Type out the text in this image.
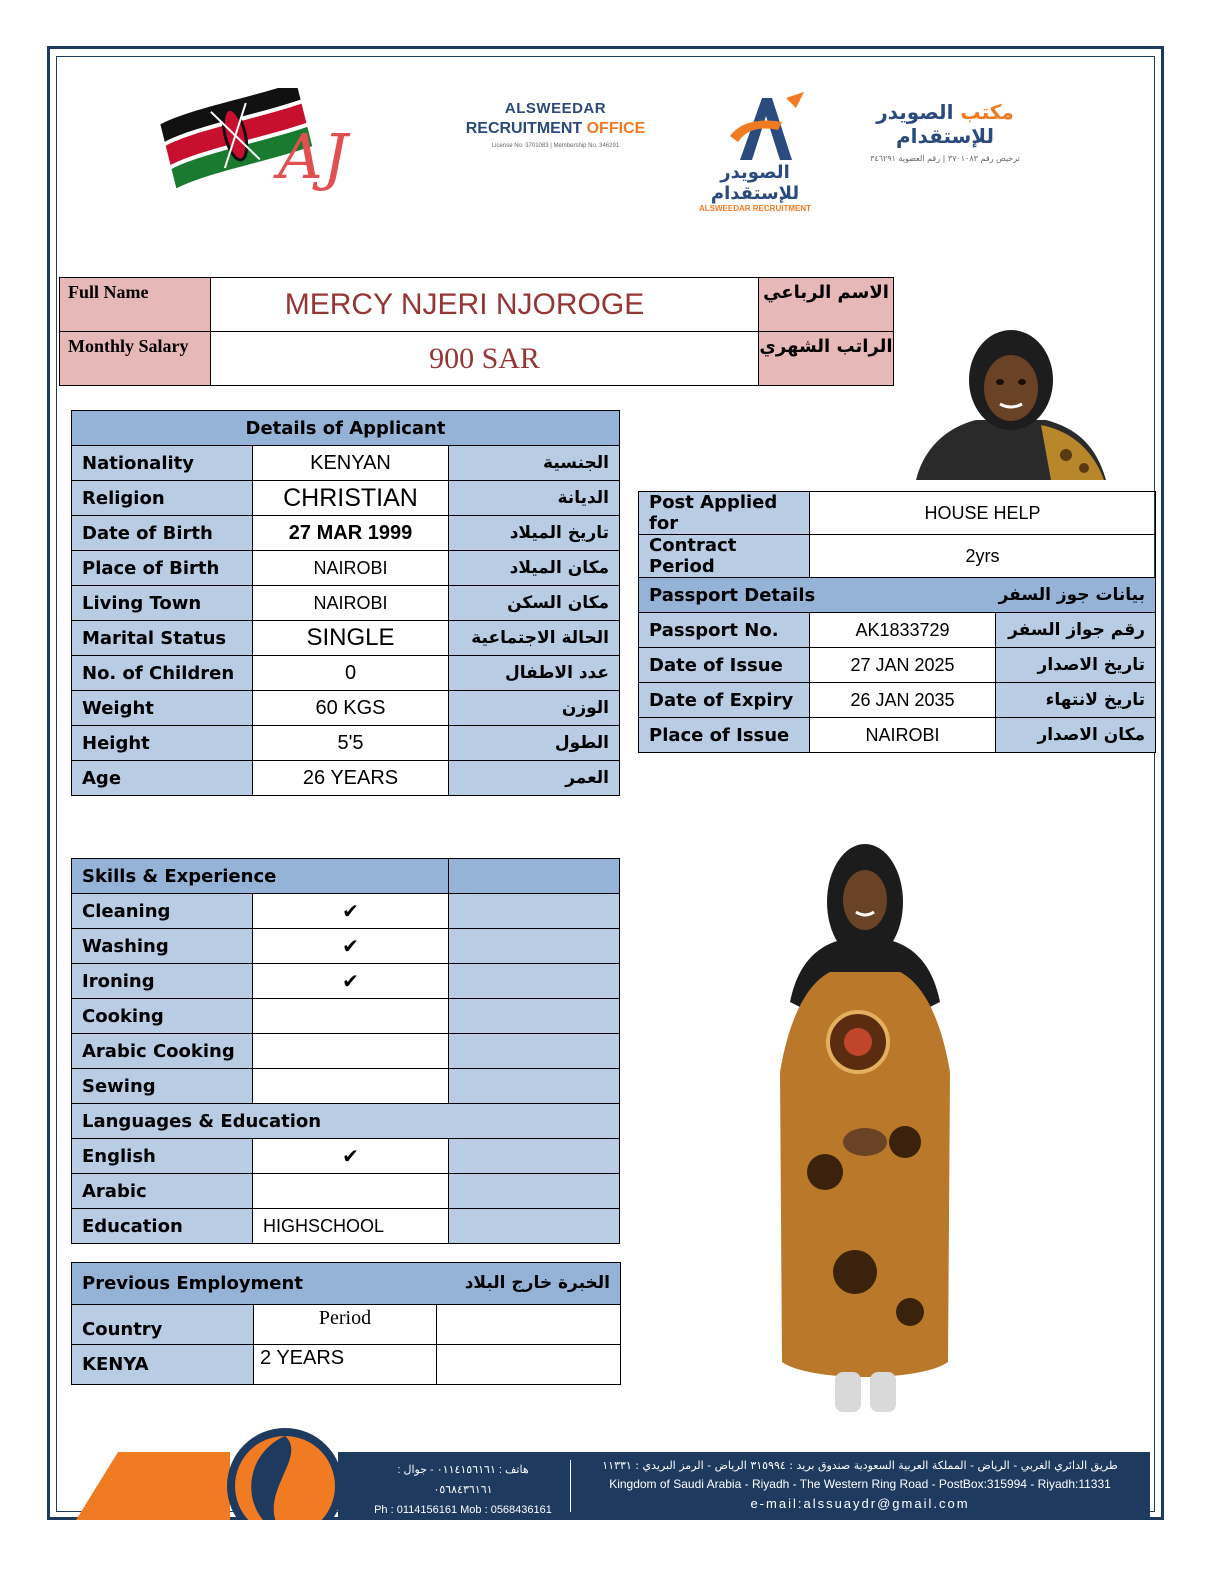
AJ
ALSWEEDAR
RECRUITMENT OFFICE
License No. 3701083 | Membership No. 346291
الصويدر للإستقدام
ALSWEEDAR RECRUITMENT
مكتب الصويدر للإستقدام
ترخيص رقم ٣٧٠١٠٨٣ | رقم العضوية ٣٤٦٢٩١
Full Name	MERCY NJERI NJOROGE	الاسم الرباعي
Monthly Salary	900 SAR	الراتب الشهري
Details of Applicant		
Nationality	KENYAN	الجنسية
Religion	CHRISTIAN	الديانة
Date of Birth	27 MAR 1999	تاريخ الميلاد
Place of Birth	NAIROBI	مكان الميلاد
Living Town	NAIROBI	مكان السكن
Marital Status	SINGLE	الحالة الاجتماعية
No. of Children	0	عدد الاطفال
Weight	60 KGS	الوزن
Height	5'5	الطول
Age	26 YEARS	العمر
Post Applied for	HOUSE HELP	
Contract Period	2yrs	
Passport Details بيانات جوز السفر		

Passport No.	AK1833729	رقم جواز السفر
Date of Issue	27 JAN 2025	تاريخ الاصدار
Date of Expiry	26 JAN 2035	تاريخ لانتهاء
Place of Issue	NAIROBI	مكان الاصدار
Skills & Experience		
Cleaning	✔	
Washing	✔	
Ironing	✔	
Cooking		
Arabic Cooking		
Sewing		
Languages & Education		
English	✔	
Arabic		
Education	HIGHSCHOOL	
Previous Employment الخبرة خارج البلاد		

Country	Period	
KENYA	2 YEARS	
هاتف : ٠١١٤١٥٦١٦١ - جوال : ٠٥٦٨٤٣٦١٦١
Ph : 0114156161 Mob : 0568436161
طريق الدائري الغربي - الرياض - المملكة العربية السعودية صندوق بريد : ٣١٥٩٩٤ الرياض - الرمز البريدي : ١١٣٣١
Kingdom of Saudi Arabia - Riyadh - The Western Ring Road - PostBox:315994 - Riyadh:11331
e-mail:alssuaydr@gmail.com
